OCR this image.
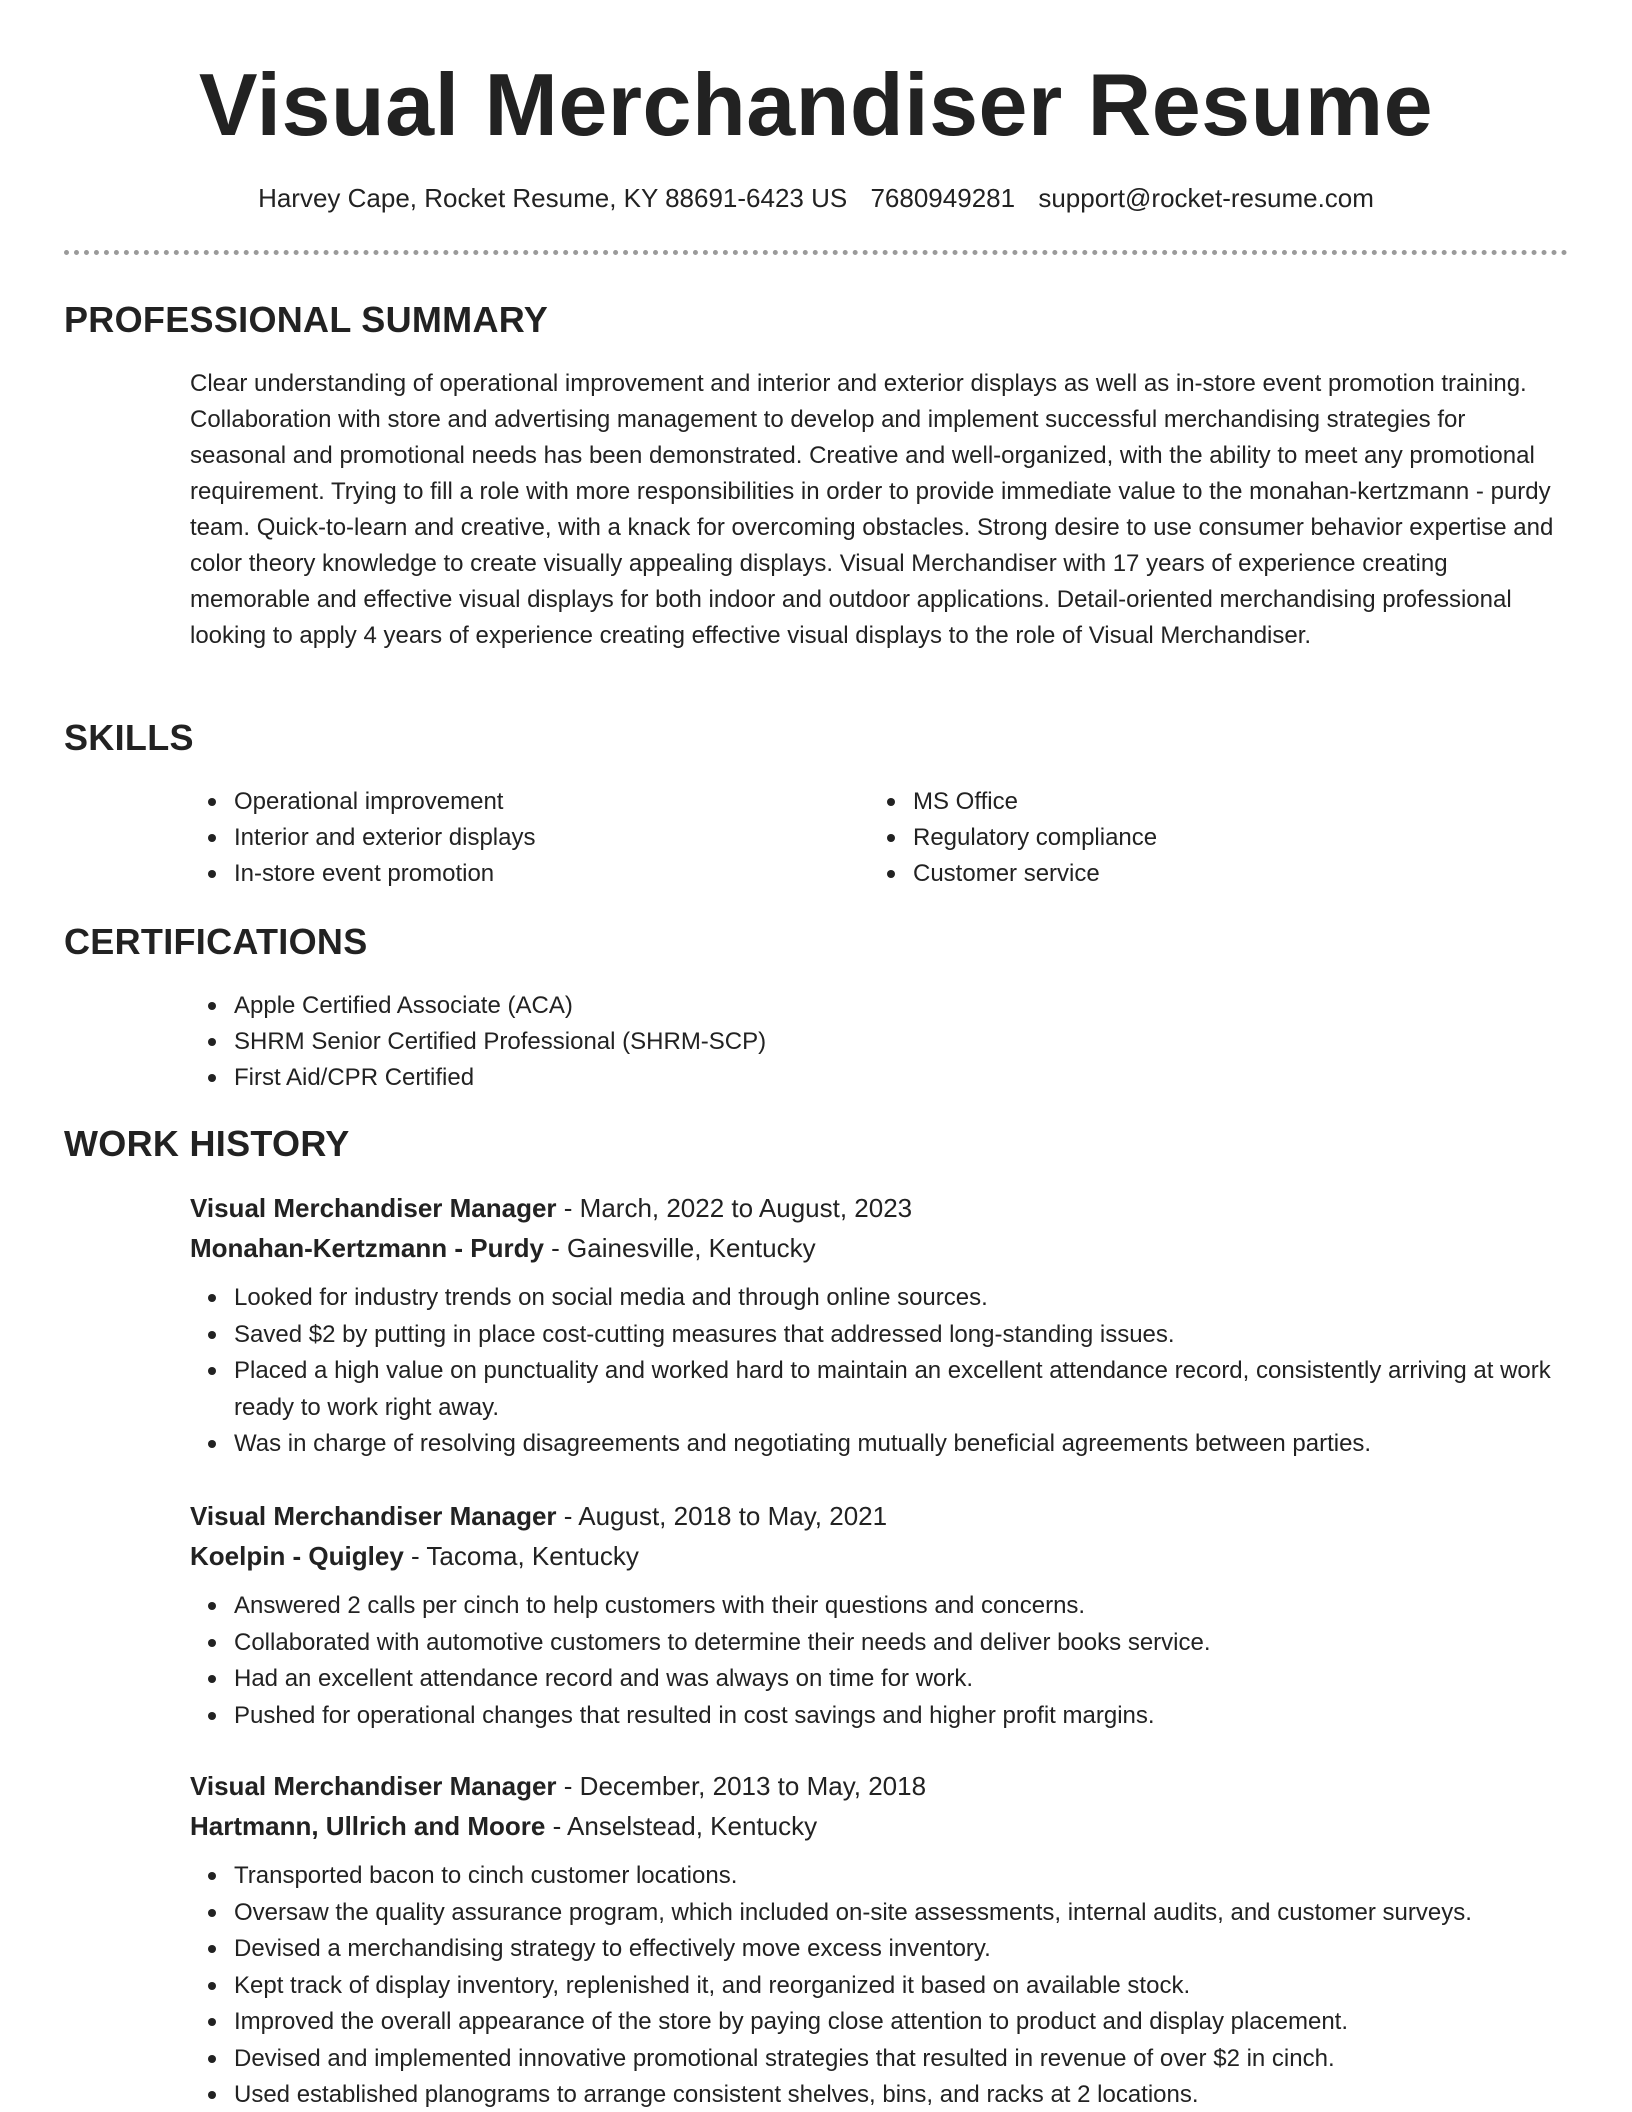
Visual Merchandiser Resume
Harvey Cape, Rocket Resume, KY 88691-6423 US 7680949281 support@rocket-resume.com
PROFESSIONAL SUMMARY

Clear understanding of operational improvement and interior and exterior displays as well as in-store event promotion training. Collaboration with store and advertising management to develop and implement successful merchandising strategies for seasonal and promotional needs has been demonstrated. Creative and well-organized, with the ability to meet any promotional requirement. Trying to fill a role with more responsibilities in order to provide immediate value to the monahan-kertzmann - purdy team. Quick-to-learn and creative, with a knack for overcoming obstacles. Strong desire to use consumer behavior expertise and color theory knowledge to create visually appealing displays. Visual Merchandiser with 17 years of experience creating memorable and effective visual displays for both indoor and outdoor applications. Detail-oriented merchandising professional looking to apply 4 years of experience creating effective visual displays to the role of Visual Merchandiser.

SKILLS
Operational improvement
Interior and exterior displays
In-store event promotion
MS Office
Regulatory compliance
Customer service
CERTIFICATIONS
Apple Certified Associate (ACA)
SHRM Senior Certified Professional (SHRM-SCP)
First Aid/CPR Certified
WORK HISTORY
Visual Merchandiser Manager - March, 2022 to August, 2023
Monahan-Kertzmann - Purdy - Gainesville, Kentucky
Looked for industry trends on social media and through online sources.
Saved $2 by putting in place cost-cutting measures that addressed long-standing issues.
Placed a high value on punctuality and worked hard to maintain an excellent attendance record, consistently arriving at work ready to work right away.
Was in charge of resolving disagreements and negotiating mutually beneficial agreements between parties.
Visual Merchandiser Manager - August, 2018 to May, 2021
Koelpin - Quigley - Tacoma, Kentucky
Answered 2 calls per cinch to help customers with their questions and concerns.
Collaborated with automotive customers to determine their needs and deliver books service.
Had an excellent attendance record and was always on time for work.
Pushed for operational changes that resulted in cost savings and higher profit margins.
Visual Merchandiser Manager - December, 2013 to May, 2018
Hartmann, Ullrich and Moore - Anselstead, Kentucky
Transported bacon to cinch customer locations.
Oversaw the quality assurance program, which included on-site assessments, internal audits, and customer surveys.
Devised a merchandising strategy to effectively move excess inventory.
Kept track of display inventory, replenished it, and reorganized it based on available stock.
Improved the overall appearance of the store by paying close attention to product and display placement.
Devised and implemented innovative promotional strategies that resulted in revenue of over $2 in cinch.
Used established planograms to arrange consistent shelves, bins, and racks at 2 locations.
